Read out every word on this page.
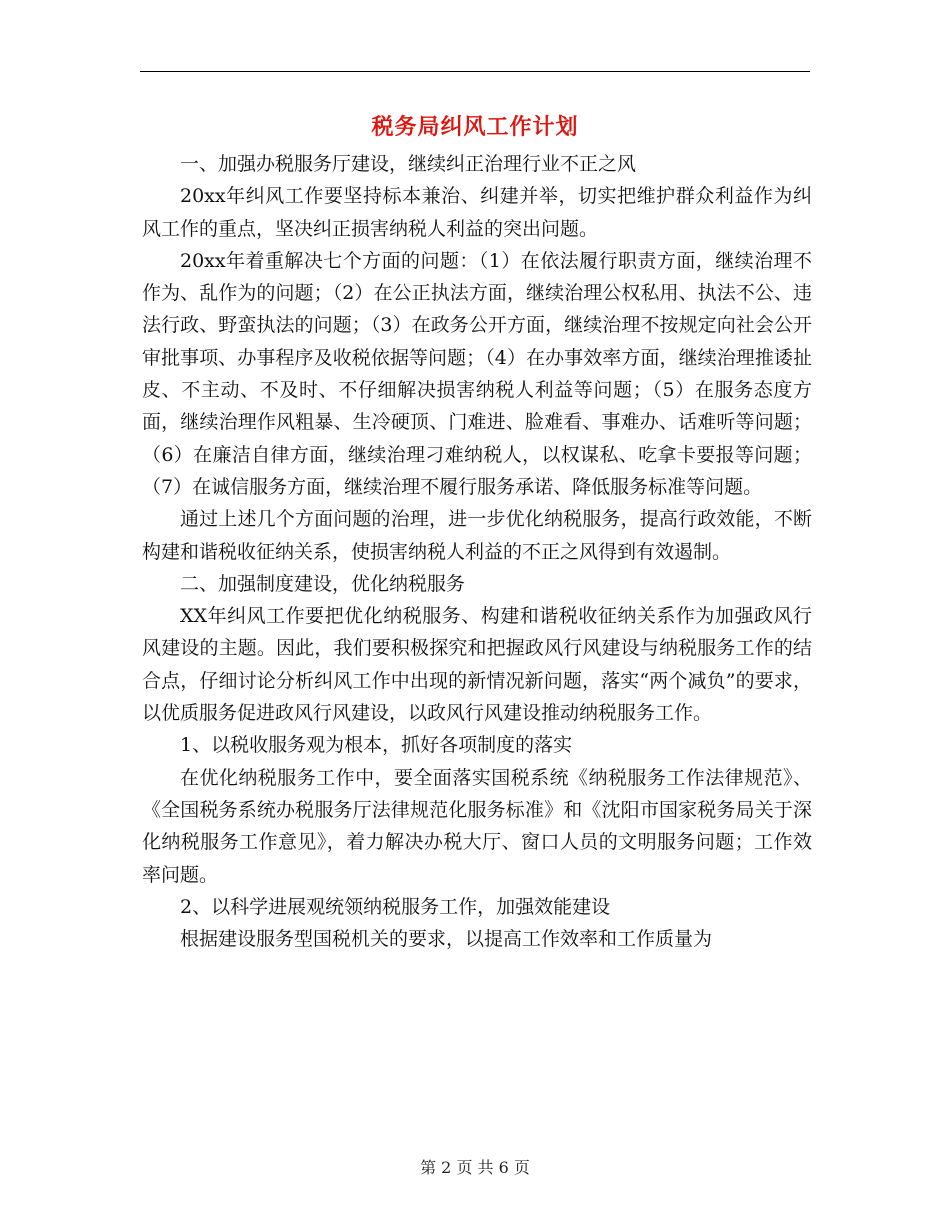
税务局纠风工作计划

一、加强办税服务厅建设，继续纠正治理行业不正之风

20xx年纠风工作要坚持标本兼治、纠建并举，切实把维护群众利益作为纠风工作的重点，坚决纠正损害纳税人利益的突出问题。

20xx年着重解决七个方面的问题：（1）在依法履行职责方面，继续治理不作为、乱作为的问题；（2）在公正执法方面，继续治理公权私用、执法不公、违法行政、野蛮执法的问题；（3）在政务公开方面，继续治理不按规定向社会公开审批事项、办事程序及收税依据等问题；（4）在办事效率方面，继续治理推诿扯皮、不主动、不及时、不仔细解决损害纳税人利益等问题；（5）在服务态度方面，继续治理作风粗暴、生冷硬顶、门难进、脸难看、事难办、话难听等问题；（6）在廉洁自律方面，继续治理刁难纳税人，以权谋私、吃拿卡要报等问题；（7）在诚信服务方面，继续治理不履行服务承诺、降低服务标准等问题。

通过上述几个方面问题的治理，进一步优化纳税服务，提高行政效能，不断构建和谐税收征纳关系，使损害纳税人利益的不正之风得到有效遏制。

二、加强制度建设，优化纳税服务

XX年纠风工作要把优化纳税服务、构建和谐税收征纳关系作为加强政风行风建设的主题。因此，我们要积极探究和把握政风行风建设与纳税服务工作的结合点，仔细讨论分析纠风工作中出现的新情况新问题，落实“两个减负”的要求，以优质服务促进政风行风建设，以政风行风建设推动纳税服务工作。

1、以税收服务观为根本，抓好各项制度的落实

在优化纳税服务工作中，要全面落实国税系统《纳税服务工作法律规范》、《全国税务系统办税服务厅法律规范化服务标准》和《沈阳市国家税务局关于深化纳税服务工作意见》，着力解决办税大厅、窗口人员的文明服务问题；工作效率问题。

2、以科学进展观统领纳税服务工作，加强效能建设

根据建设服务型国税机关的要求，以提高工作效率和工作质量为

第 2 页 共 6 页
